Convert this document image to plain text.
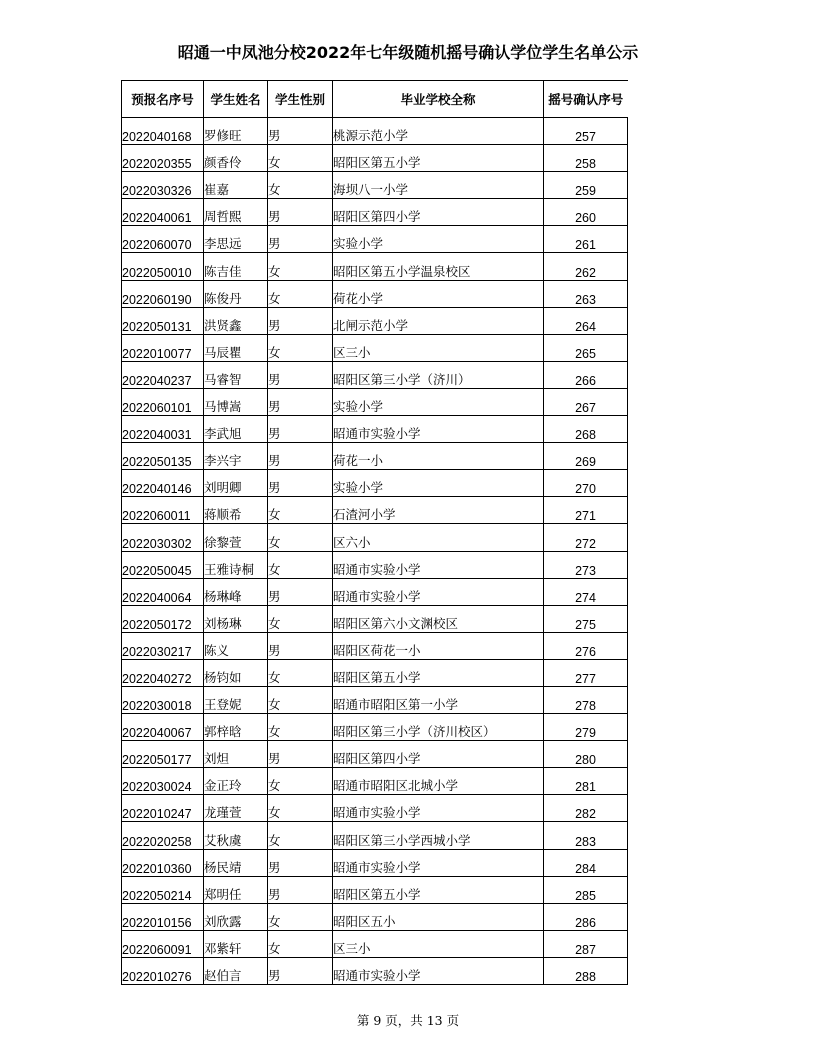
昭通一中凤池分校2022年七年级随机摇号确认学位学生名单公示
预报名序号	学生姓名	学生性别	毕业学校全称	摇号确认序号
2022040168	罗修旺	男	桃源示范小学	257
2022020355	颜香伶	女	昭阳区第五小学	258
2022030326	崔嘉	女	海坝八一小学	259
2022040061	周哲熙	男	昭阳区第四小学	260
2022060070	李思远	男	实验小学	261
2022050010	陈吉佳	女	昭阳区第五小学温泉校区	262
2022060190	陈俊丹	女	荷花小学	263
2022050131	洪贤鑫	男	北闸示范小学	264
2022010077	马辰瞿	女	区三小	265
2022040237	马睿智	男	昭阳区第三小学（济川）	266
2022060101	马博嵩	男	实验小学	267
2022040031	李武旭	男	昭通市实验小学	268
2022050135	李兴宇	男	荷花一小	269
2022040146	刘明卿	男	实验小学	270
2022060011	蒋顺希	女	石渣河小学	271
2022030302	徐黎萱	女	区六小	272
2022050045	王雅诗桐	女	昭通市实验小学	273
2022040064	杨琳峰	男	昭通市实验小学	274
2022050172	刘杨琳	女	昭阳区第六小文渊校区	275
2022030217	陈义	男	昭阳区荷花一小	276
2022040272	杨钧如	女	昭阳区第五小学	277
2022030018	王登妮	女	昭通市昭阳区第一小学	278
2022040067	郭梓晗	女	昭阳区第三小学（济川校区）	279
2022050177	刘炟	男	昭阳区第四小学	280
2022030024	金正玲	女	昭通市昭阳区北城小学	281
2022010247	龙瑾萱	女	昭通市实验小学	282
2022020258	艾秋虞	女	昭阳区第三小学西城小学	283
2022010360	杨民靖	男	昭通市实验小学	284
2022050214	郑明任	男	昭阳区第五小学	285
2022010156	刘欣露	女	昭阳区五小	286
2022060091	邓紫轩	女	区三小	287
2022010276	赵伯言	男	昭通市实验小学	288
第 9 页，共 13 页
